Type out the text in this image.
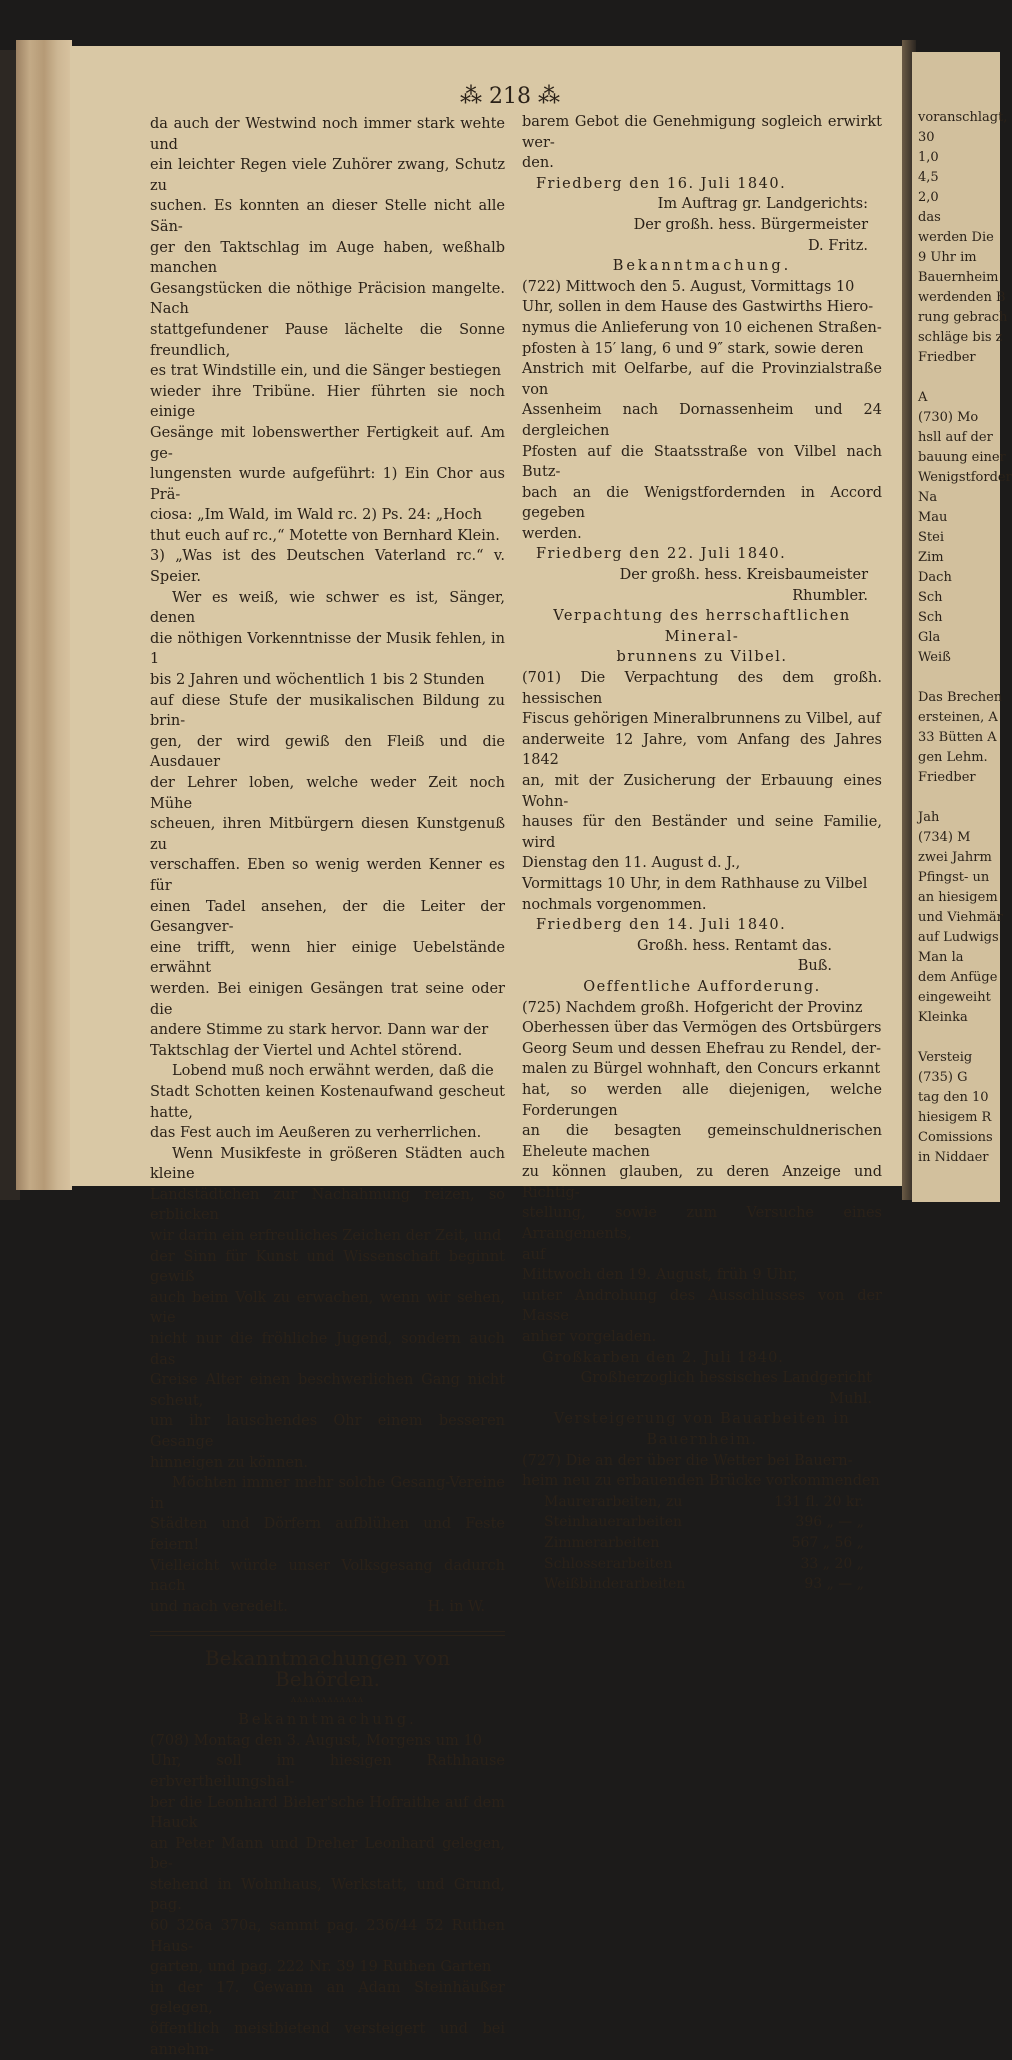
voranschlagt,

30

1,0

4,5

2,0

das

werden Die

9 Uhr im

Bauernheim

werdenden B

rung gebrach

schläge bis z

Friedber

A

(730) Mo

hsll auf der

bauung einer

Wenigstforder

Na

Mau

Stei

Zim

Dach

Sch

Sch

Gla

Weiß

Das Brechen

ersteinen, A

33 Bütten A

gen Lehm.

Friedber

Jah

(734) M

zwei Jahrm

Pfingst- un

an hiesigem

und Viehmär

auf Ludwigs

Man la

dem Anfüge

eingeweiht

Kleinka

Versteig

(735) G

tag den 10

hiesigem R

Comissions

in Niddaer

⁂ 218 ⁂

da auch der Westwind noch immer stark wehte und

ein leichter Regen viele Zuhörer zwang, Schutz zu

suchen. Es konnten an dieser Stelle nicht alle Sän-

ger den Taktschlag im Auge haben, weßhalb manchen

Gesangstücken die nöthige Präcision mangelte. Nach

stattgefundener Pause lächelte die Sonne freundlich,

es trat Windstille ein, und die Sänger bestiegen

wieder ihre Tribüne. Hier führten sie noch einige

Gesänge mit lobenswerther Fertigkeit auf. Am ge-

lungensten wurde aufgeführt: 1) Ein Chor aus Prä-

ciosa: „Im Wald, im Wald rc. 2) Ps. 24: „Hoch

thut euch auf rc.,“ Motette von Bernhard Klein.

3) „Was ist des Deutschen Vaterland rc.“ v. Speier.

Wer es weiß, wie schwer es ist, Sänger, denen

die nöthigen Vorkenntnisse der Musik fehlen, in 1

bis 2 Jahren und wöchentlich 1 bis 2 Stunden

auf diese Stufe der musikalischen Bildung zu brin-

gen, der wird gewiß den Fleiß und die Ausdauer

der Lehrer loben, welche weder Zeit noch Mühe

scheuen, ihren Mitbürgern diesen Kunstgenuß zu

verschaffen. Eben so wenig werden Kenner es für

einen Tadel ansehen, der die Leiter der Gesangver-

eine trifft, wenn hier einige Uebelstände erwähnt

werden. Bei einigen Gesängen trat seine oder die

andere Stimme zu stark hervor. Dann war der

Taktschlag der Viertel und Achtel störend.

Lobend muß noch erwähnt werden, daß die

Stadt Schotten keinen Kostenaufwand gescheut hatte,

das Fest auch im Aeußeren zu verherrlichen.

Wenn Musikfeste in größeren Städten auch kleine

Landstädtchen zur Nachahmung reizen, so erblicken

wir darin ein erfreuliches Zeichen der Zeit, und

der Sinn für Kunst und Wissenschaft beginnt gewiß

auch beim Volk zu erwachen, wenn wir sehen, wie

nicht nur die fröhliche Jugend, sondern auch das

Greise Alter einen beschwerlichen Gang nicht scheut,

um ihr lauschendes Ohr einem besseren Gesange

hinneigen zu können.

Möchten immer mehr solche Gesang-Vereine in

Städten und Dörfern aufblühen und Feste feiern!

Vielleicht würde unser Volksgesang dadurch nach

und nach veredelt.	H. in W.

Bekanntmachungen von Behörden.

ʌʌʌʌʌʌʌʌʌʌʌʌ

Bekanntmachung.

(708) Montag den 3. August, Morgens um 10

Uhr, soll im hiesigen Rathhause erbvertheilungshal-

ber die Leonhard Bieler'sche Hofraithe auf dem Hauck

an Peter Mann und Dreher Leonhard gelegen, be-

stehend in Wohnhaus, Werkstatt, und Grund, pag.

60 326a 370a, sammt pag. 236/44 52 Ruthen Haus-

garten, und pag. 222 Nr. 39 19 Ruthen Garten

in der 17. Gewann an Adam Steinhäußer gelegen,

öffentlich meistbietend versteigert und bei annehm-

barem Gebot die Genehmigung sogleich erwirkt wer-

den.

Friedberg den 16. Juli 1840.

Im Auftrag gr. Landgerichts:

Der großh. hess. Bürgermeister

D. Fritz.

Bekanntmachung.

(722) Mittwoch den 5. August, Vormittags 10

Uhr, sollen in dem Hause des Gastwirths Hiero-

nymus die Anlieferung von 10 eichenen Straßen-

pfosten à 15′ lang, 6 und 9″ stark, sowie deren

Anstrich mit Oelfarbe, auf die Provinzialstraße von

Assenheim nach Dornassenheim und 24 dergleichen

Pfosten auf die Staatsstraße von Vilbel nach Butz-

bach an die Wenigstfordernden in Accord gegeben

werden.

Friedberg den 22. Juli 1840.

Der großh. hess. Kreisbaumeister

Rhumbler.

Verpachtung des herrschaftlichen Mineral-

brunnens zu Vilbel.

(701) Die Verpachtung des dem großh. hessischen

Fiscus gehörigen Mineralbrunnens zu Vilbel, auf

anderweite 12 Jahre, vom Anfang des Jahres 1842

an, mit der Zusicherung der Erbauung eines Wohn-

hauses für den Beständer und seine Familie, wird

Dienstag den 11. August d. J.,

Vormittags 10 Uhr, in dem Rathhause zu Vilbel

nochmals vorgenommen.

Friedberg den 14. Juli 1840.

Großh. hess. Rentamt das.

Buß.

Oeffentliche Aufforderung.

(725) Nachdem großh. Hofgericht der Provinz

Oberhessen über das Vermögen des Ortsbürgers

Georg Seum und dessen Ehefrau zu Rendel, der-

malen zu Bürgel wohnhaft, den Concurs erkannt

hat, so werden alle diejenigen, welche Forderungen

an die besagten gemeinschuldnerischen Eheleute machen

zu können glauben, zu deren Anzeige und Richtig-

stellung, sowie zum Versuche eines Arrangements,

auf

Mittwoch den 19. August, früh 9 Uhr,

unter Androhung des Ausschlusses von der Masse

anher vorgeladen.

Großkarben den 2. Juli 1840.

Großherzoglich hessisches Landgericht

Muhl.

Versteigerung von Bauarbeiten in

Bauernheim.

(727) Die an der über die Wetter bei Bauern-

heim neu zu erbauenden Brücke vorkommenden

Maurerarbeiten, zu	131 fl. 20 kr.
Steinhauerarbeiten	396 „ — „
Zimmerarbeiten	567 „ 56 „
Schlosserarbeiten	33 „ 20 „
Weißbinderarbeiten	93 „ — „
